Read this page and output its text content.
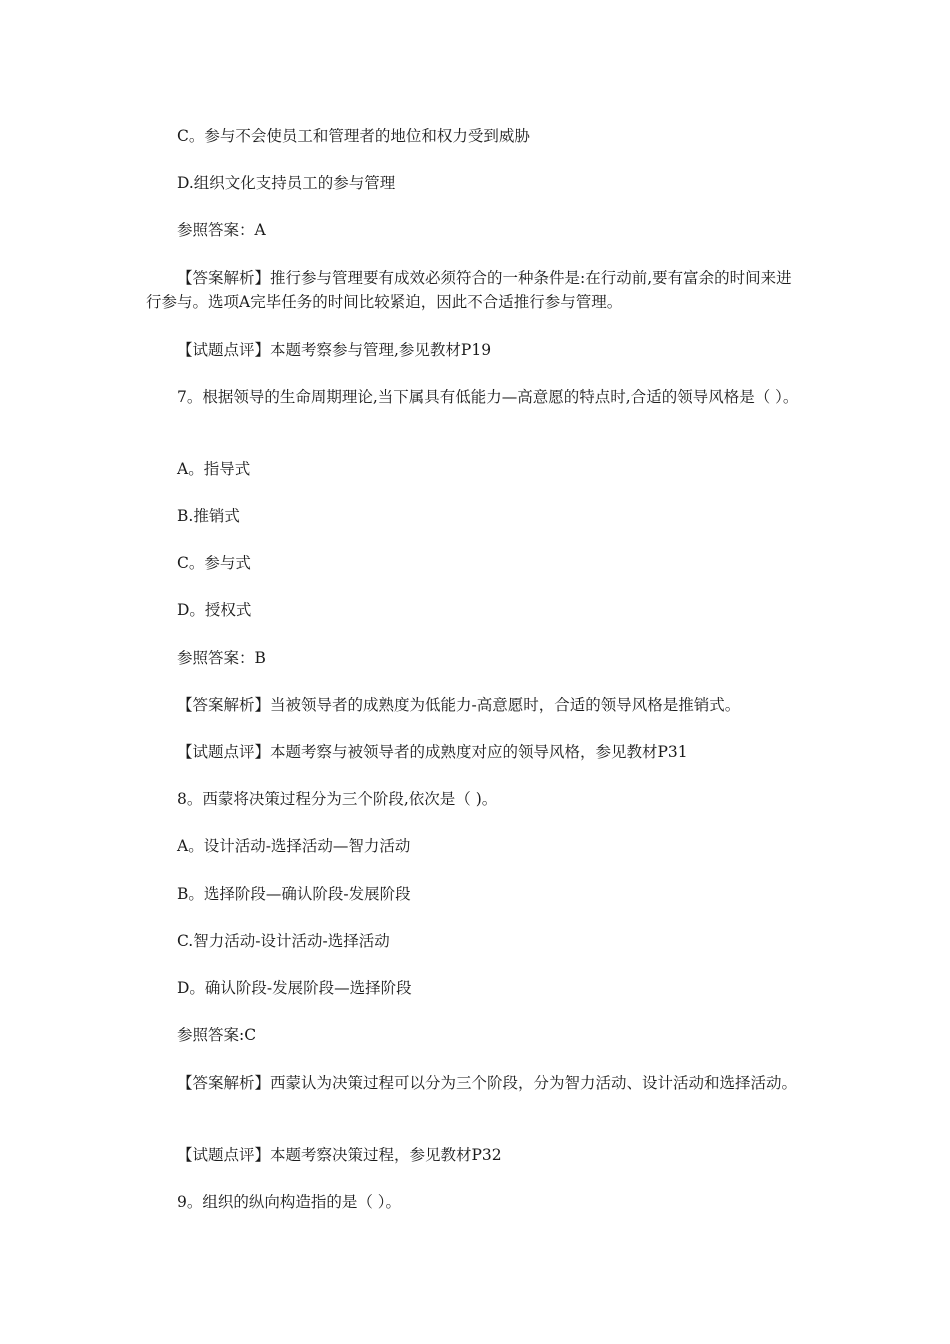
C。参与不会使员工和管理者的地位和权力受到威胁

D.组织文化支持员工的参与管理

参照答案：A

【答案解析】推行参与管理要有成效必须符合的一种条件是:在行动前,要有富余的时间来进行参与。选项A完毕任务的时间比较紧迫，因此不合适推行参与管理。

【试题点评】本题考察参与管理,参见教材P19

7。根据领导的生命周期理论,当下属具有低能力—高意愿的特点时,合适的领导风格是（ ）。

A。指导式

B.推销式

C。参与式

D。授权式

参照答案：B

【答案解析】当被领导者的成熟度为低能力-高意愿时，合适的领导风格是推销式。

【试题点评】本题考察与被领导者的成熟度对应的领导风格，参见教材P31

8。西蒙将决策过程分为三个阶段,依次是（ )。

A。设计活动-选择活动—智力活动

B。选择阶段—确认阶段-发展阶段

C.智力活动-设计活动-选择活动

D。确认阶段-发展阶段—选择阶段

参照答案:C

【答案解析】西蒙认为决策过程可以分为三个阶段，分为智力活动、设计活动和选择活动。

【试题点评】本题考察决策过程，参见教材P32

9。组织的纵向构造指的是（ ）。
